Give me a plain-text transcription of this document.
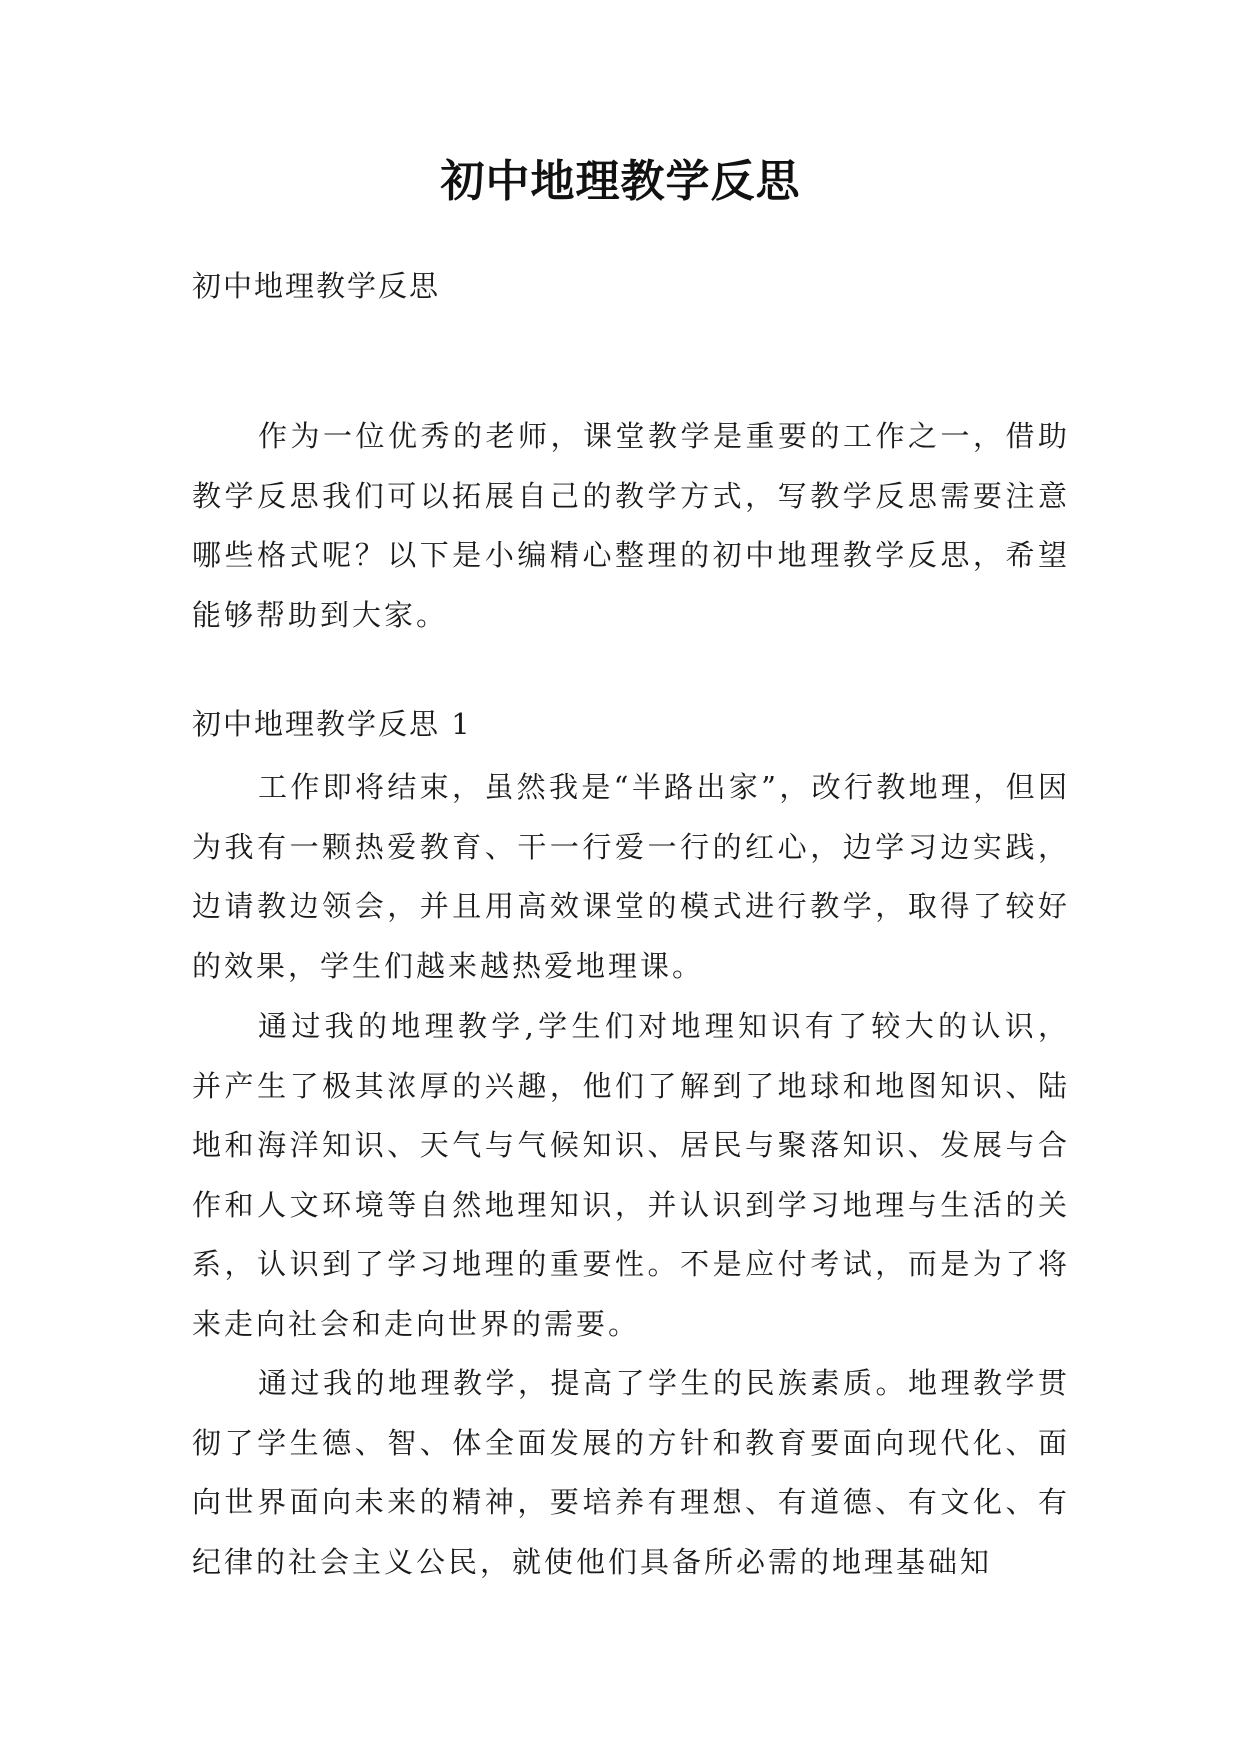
初中地理教学反思

初中地理教学反思

作为一位优秀的老师，课堂教学是重要的工作之一，借助教学反思我们可以拓展自己的教学方式，写教学反思需要注意哪些格式呢？以下是小编精心整理的初中地理教学反思，希望能够帮助到大家。

初中地理教学反思 1

工作即将结束，虽然我是“半路出家”，改行教地理，但因为我有一颗热爱教育、干一行爱一行的红心，边学习边实践，边请教边领会，并且用高效课堂的模式进行教学，取得了较好的效果，学生们越来越热爱地理课。

通过我的地理教学,学生们对地理知识有了较大的认识，并产生了极其浓厚的兴趣，他们了解到了地球和地图知识、陆地和海洋知识、天气与气候知识、居民与聚落知识、发展与合作和人文环境等自然地理知识，并认识到学习地理与生活的关系，认识到了学习地理的重要性。不是应付考试，而是为了将来走向社会和走向世界的需要。

通过我的地理教学，提高了学生的民族素质。地理教学贯彻了学生德、智、体全面发展的方针和教育要面向现代化、面向世界面向未来的精神，要培养有理想、有道德、有文化、有纪律的社会主义公民，就使他们具备所必需的地理基础知
